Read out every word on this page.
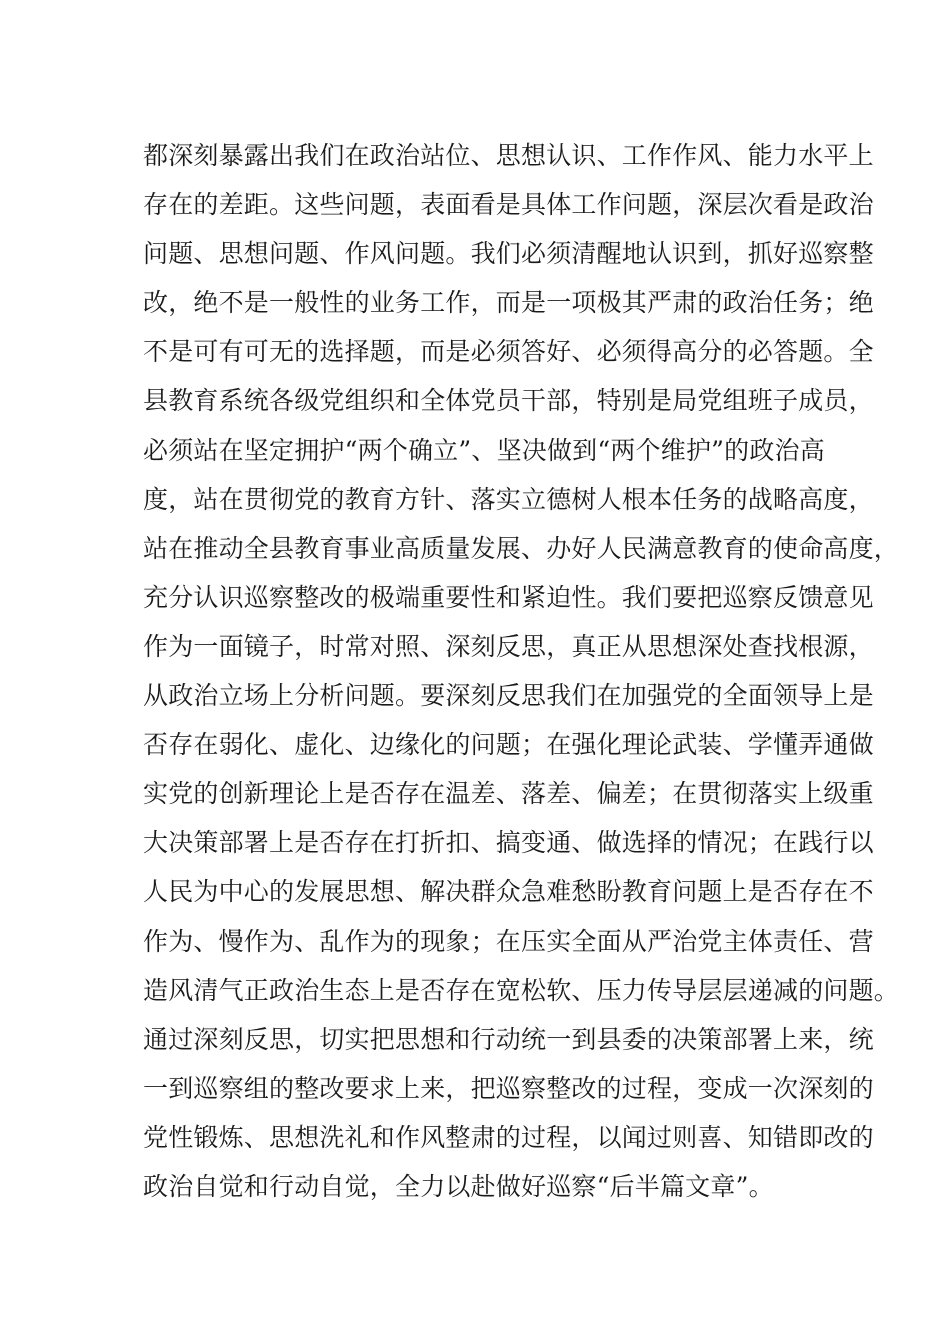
都深刻暴露出我们在政治站位、思想认识、工作作风、能力水平上
存在的差距。这些问题，表面看是具体工作问题，深层次看是政治
问题、思想问题、作风问题。我们必须清醒地认识到，抓好巡察整
改，绝不是一般性的业务工作，而是一项极其严肃的政治任务；绝
不是可有可无的选择题，而是必须答好、必须得高分的必答题。全
县教育系统各级党组织和全体党员干部，特别是局党组班子成员，
必须站在坚定拥护“两个确立”、坚决做到“两个维护”的政治高
度，站在贯彻党的教育方针、落实立德树人根本任务的战略高度，
站在推动全县教育事业高质量发展、办好人民满意教育的使命高度，
充分认识巡察整改的极端重要性和紧迫性。我们要把巡察反馈意见
作为一面镜子，时常对照、深刻反思，真正从思想深处查找根源，
从政治立场上分析问题。要深刻反思我们在加强党的全面领导上是
否存在弱化、虚化、边缘化的问题；在强化理论武装、学懂弄通做
实党的创新理论上是否存在温差、落差、偏差；在贯彻落实上级重
大决策部署上是否存在打折扣、搞变通、做选择的情况；在践行以
人民为中心的发展思想、解决群众急难愁盼教育问题上是否存在不
作为、慢作为、乱作为的现象；在压实全面从严治党主体责任、营
造风清气正政治生态上是否存在宽松软、压力传导层层递减的问题。
通过深刻反思，切实把思想和行动统一到县委的决策部署上来，统
一到巡察组的整改要求上来，把巡察整改的过程，变成一次深刻的
党性锻炼、思想洗礼和作风整肃的过程，以闻过则喜、知错即改的
政治自觉和行动自觉，全力以赴做好巡察“后半篇文章”。
